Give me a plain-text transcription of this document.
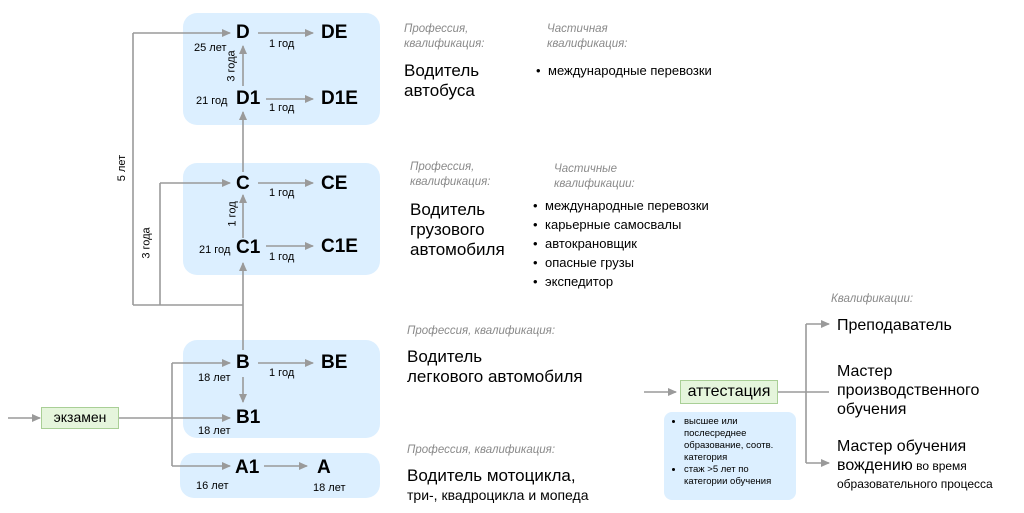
D	DE
D1	D1E
C	CE
C1	C1E
B	BE
B1
A1	A
25 лет
21 год
21 год
18 лет
18 лет
16 лет	18 лет
1 год
1 год
1 год
1 год
1 год
3 года
1 год
3 года
5 лет
экзамен
Профессия,
квалификация:
Водитель
автобуса
Частичная
квалификация:
• международные перевозки
Профессия,
квалификация:
Водитель
грузового
автомобиля
Частичные
квалификации:
• международные перевозки
• карьерные самосвалы
• автокрановщик
• опасные грузы
• экспедитор
Профессия, квалификация:
Водитель
легкового автомобиля
Профессия, квалификация:
Водитель мотоцикла,
три-, квадроцикла и мопеда
аттестация
• высшее или послесреднее образование, соотв. категория
• стаж >5 лет по категории обучения
Квалификации:
Преподаватель
Мастер
производственного
обучения
Мастер обучения
вождению во время
образовательного процесса
